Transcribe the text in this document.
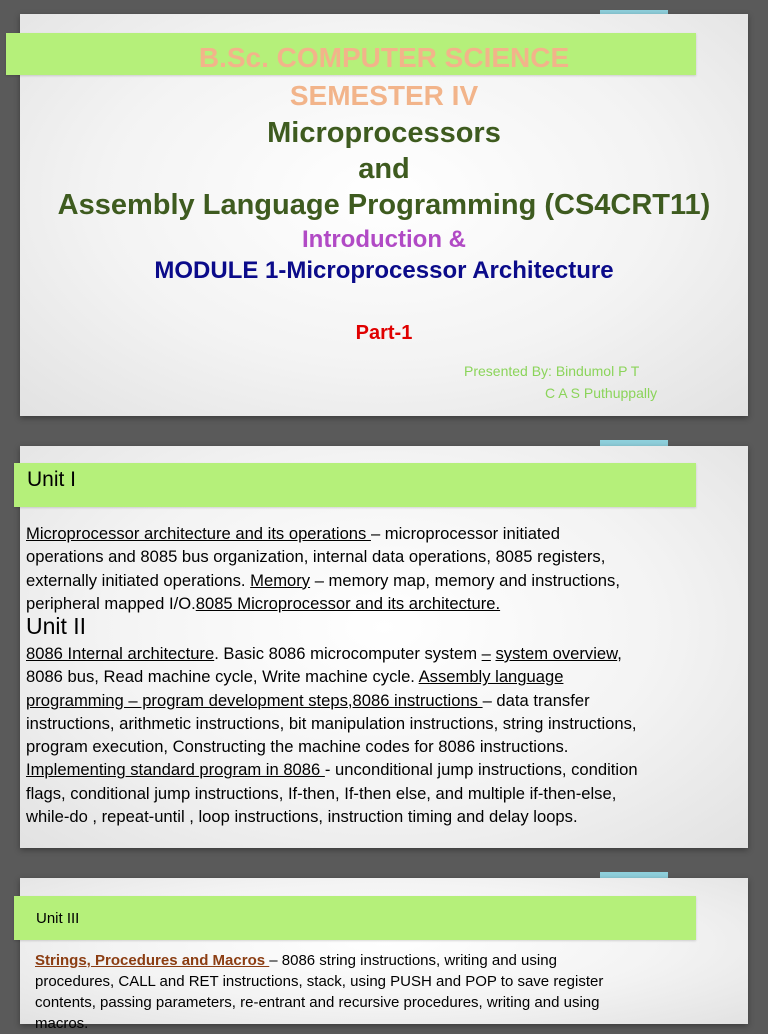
B.Sc. COMPUTER SCIENCE
SEMESTER IV
Microprocessors
and
Assembly Language Programming (CS4CRT11)
Introduction &
MODULE 1-Microprocessor Architecture
Part-1
Presented By: Bindumol P T
C A S Puthuppally
Unit I
Microprocessor architecture and its operations – microprocessor initiated
operations and 8085 bus organization, internal data operations, 8085 registers,
externally initiated operations. Memory – memory map, memory and instructions,
peripheral mapped I/O.8085 Microprocessor and its architecture.
Unit II
8086 Internal architecture. Basic 8086 microcomputer system – system overview,
8086 bus, Read machine cycle, Write machine cycle. Assembly language
programming – program development steps,8086 instructions – data transfer
instructions, arithmetic instructions, bit manipulation instructions, string instructions,
program execution, Constructing the machine codes for 8086 instructions.
Implementing standard program in 8086 - unconditional jump instructions, condition
flags, conditional jump instructions, If-then, If-then else, and multiple if-then-else,
while-do , repeat-until , loop instructions, instruction timing and delay loops.
Unit III
Strings, Procedures and Macros – 8086 string instructions, writing and using
procedures, CALL and RET instructions, stack, using PUSH and POP to save register
contents, passing parameters, re-entrant and recursive procedures, writing and using
macros.
